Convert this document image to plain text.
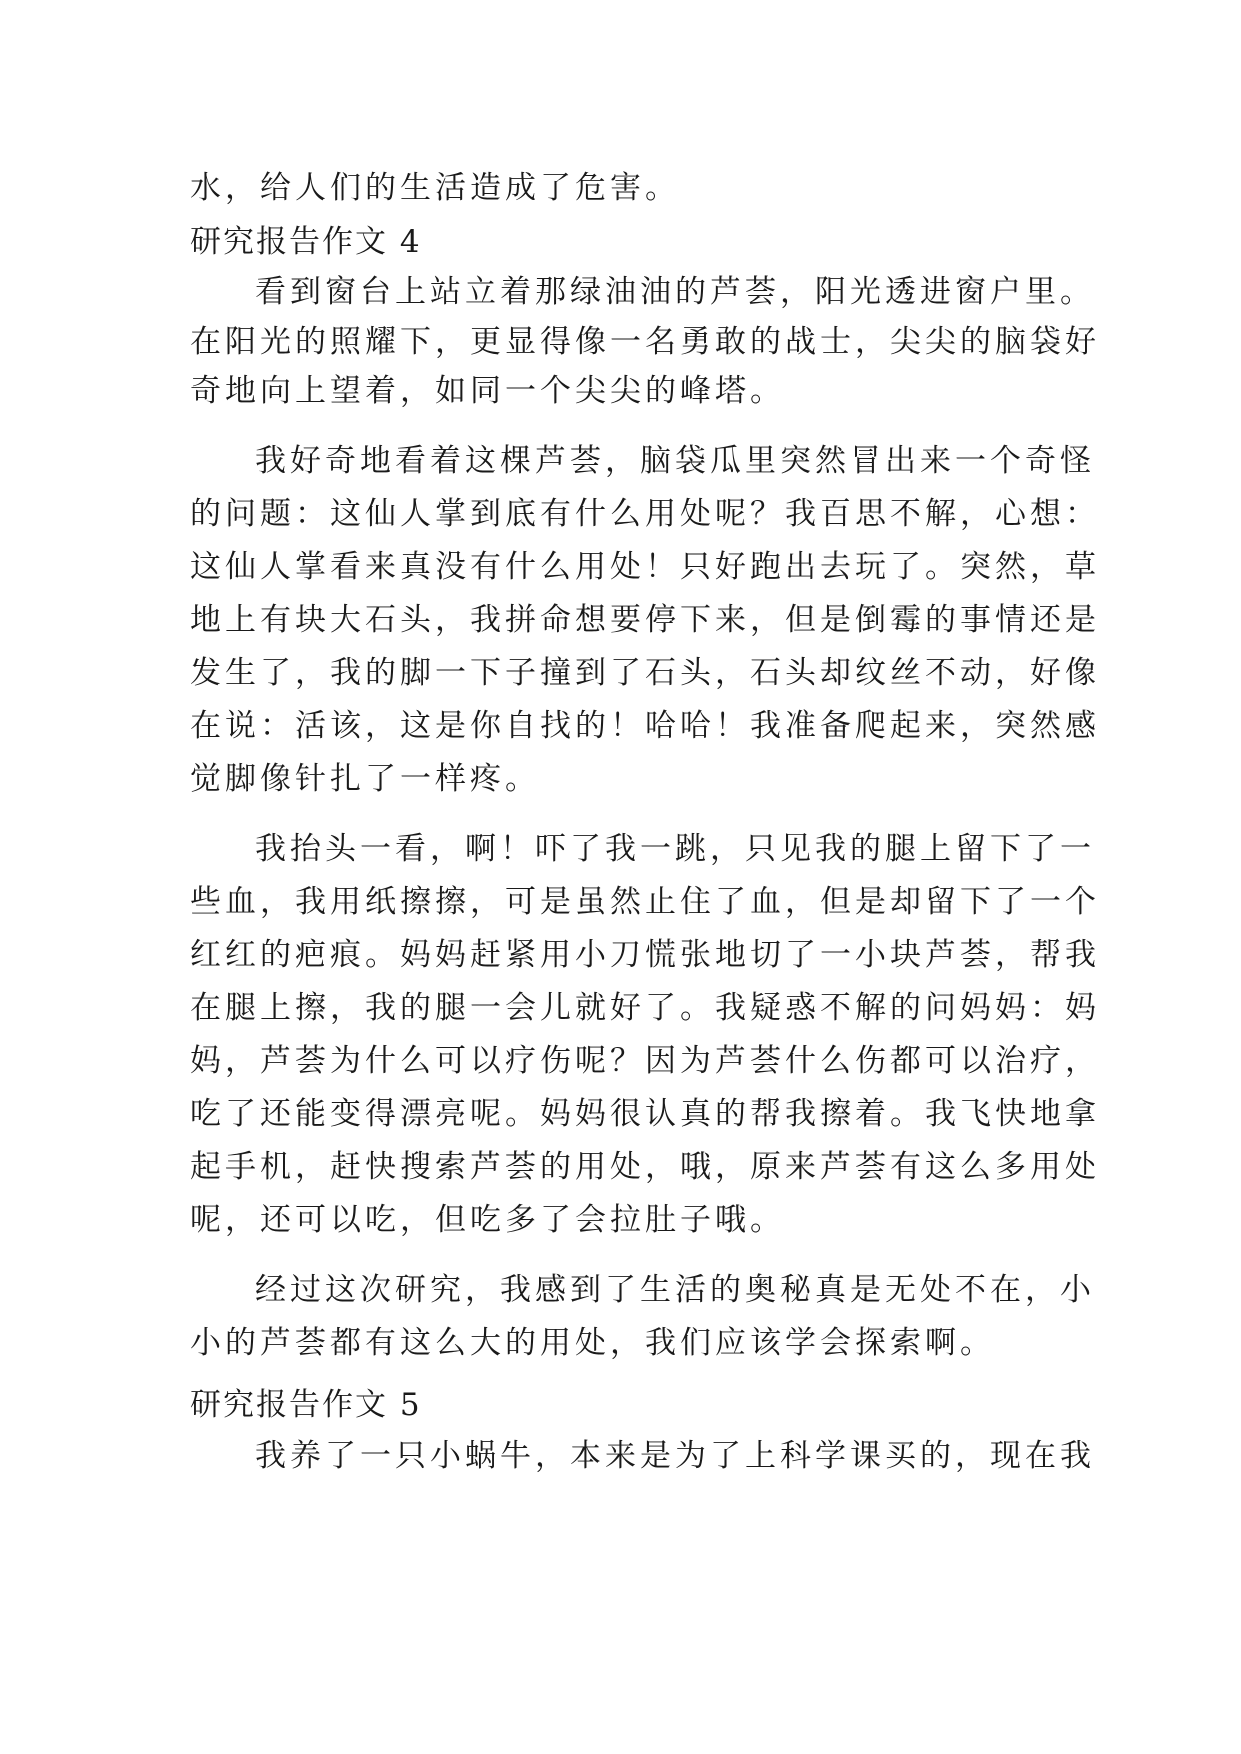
水，给人们的生活造成了危害。
研究报告作文 4
看到窗台上站立着那绿油油的芦荟，阳光透进窗户里。
在阳光的照耀下，更显得像一名勇敢的战士，尖尖的脑袋好
奇地向上望着，如同一个尖尖的峰塔。
我好奇地看着这棵芦荟，脑袋瓜里突然冒出来一个奇怪
的问题：这仙人掌到底有什么用处呢？我百思不解，心想：
这仙人掌看来真没有什么用处！只好跑出去玩了。突然，草
地上有块大石头，我拼命想要停下来，但是倒霉的事情还是
发生了，我的脚一下子撞到了石头，石头却纹丝不动，好像
在说：活该，这是你自找的！哈哈！我准备爬起来，突然感
觉脚像针扎了一样疼。
我抬头一看，啊！吓了我一跳，只见我的腿上留下了一
些血，我用纸擦擦，可是虽然止住了血，但是却留下了一个
红红的疤痕。妈妈赶紧用小刀慌张地切了一小块芦荟，帮我
在腿上擦，我的腿一会儿就好了。我疑惑不解的问妈妈：妈
妈，芦荟为什么可以疗伤呢？因为芦荟什么伤都可以治疗，
吃了还能变得漂亮呢。妈妈很认真的帮我擦着。我飞快地拿
起手机，赶快搜索芦荟的用处，哦，原来芦荟有这么多用处
呢，还可以吃，但吃多了会拉肚子哦。
经过这次研究，我感到了生活的奥秘真是无处不在，小
小的芦荟都有这么大的用处，我们应该学会探索啊。
研究报告作文 5
我养了一只小蜗牛，本来是为了上科学课买的，现在我
